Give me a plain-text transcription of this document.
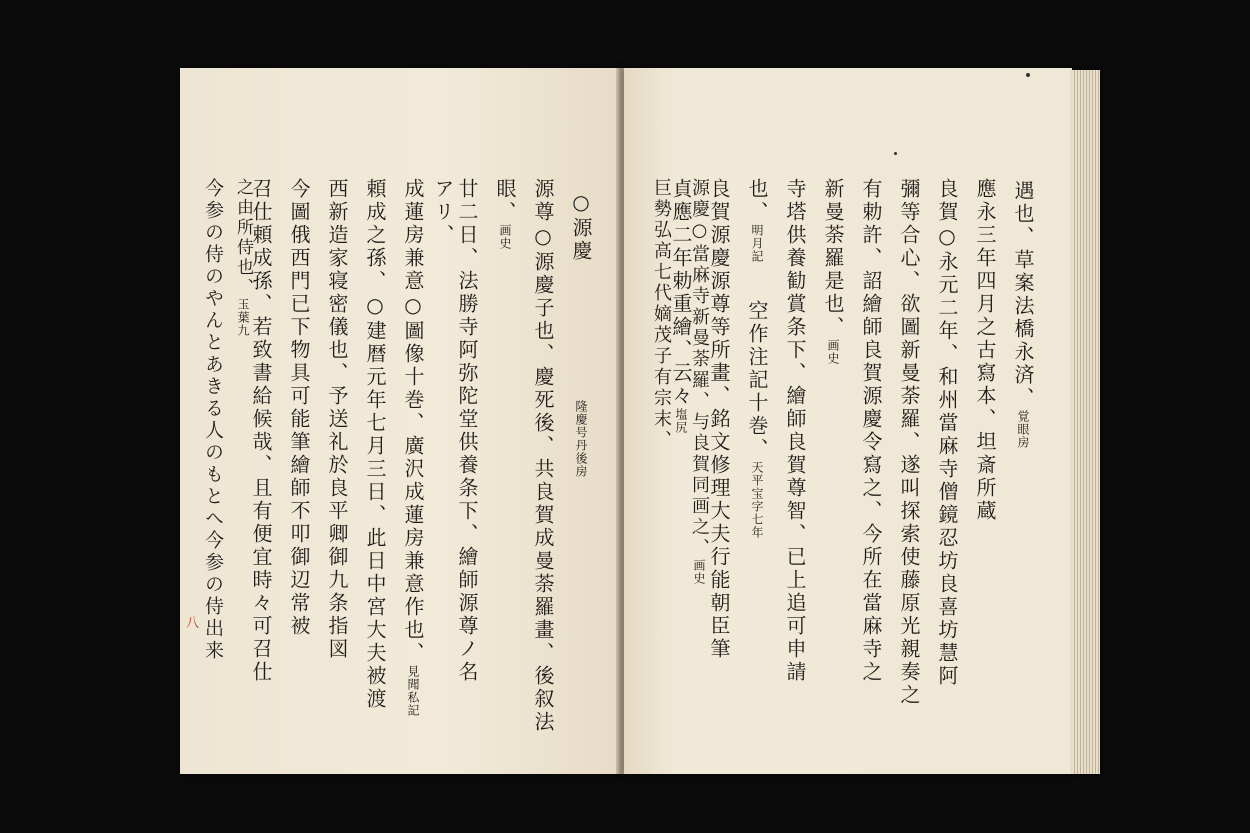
遇也、草案法橋永済、覚眼房
應永三年四月之古寫本、坦斎所蔵
良賀○永元二年、和州當麻寺僧鏡忍坊良喜坊慧阿
彌等合心、欲圖新曼荼羅、遂叫探索使藤原光親奏之
有勅許、詔繪師良賀源慶令寫之、今所在當麻寺之
新曼荼羅是也、画史
寺塔供養勧賞条下、繪師良賀尊智、已上追可申請
也、明月記
空作注記十巻、天平宝字七年
良賀源慶源尊等所畫、銘文修理大夫行能朝臣筆
貞應二年勅重繪、云々塩尻 源慶○當麻寺新曼荼羅、与良賀同画之、画史
巨勢弘高七代嫡茂子有宗末、
○源慶
隆慶号丹後房
源尊○源慶子也、慶死後、共良賀成曼荼羅畫、後叙法
眼、画史
廿二日、法勝寺阿弥陀堂供養条下、繪師源尊ノ名
アリ、
成蓮房兼意○圖像十巻、廣沢成蓮房兼意作也、見聞私記
頼成之孫、○建暦元年七月三日、此日中宮大夫被渡
西新造家寝密儀也、予送礼於良平卿御九条指図
今圖俄西門已下物具可能筆繪師不叩御辺常被
召仕頼成孫、若致書給候哉、且有便宜時々可召仕
之由所侍也、玉葉九
今参の侍のやんとあきる人のもとへ今参の侍出来
八
